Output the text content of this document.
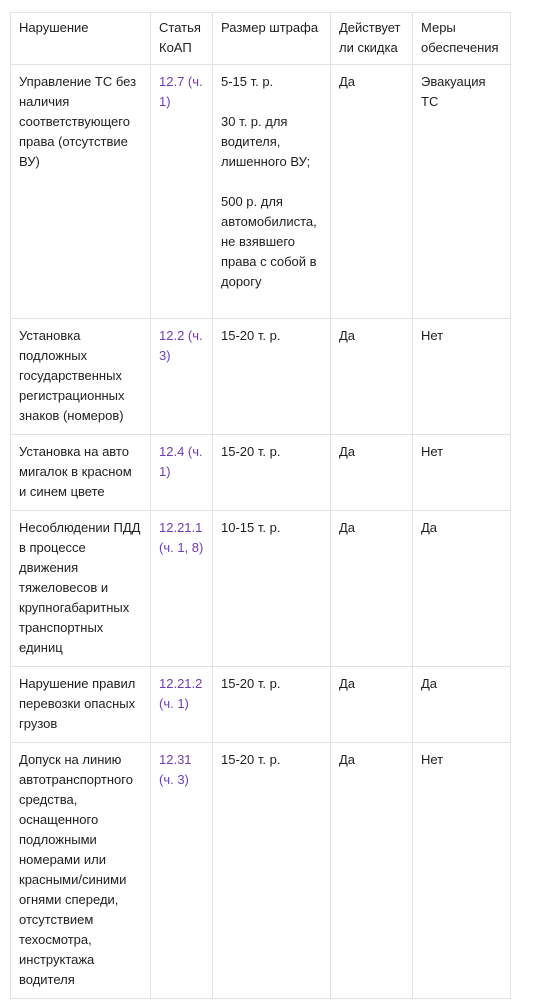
Нарушение	Статья КоАП	Размер штрафа	Действует ли скидка	Меры обеспечения
Управление ТС без наличия соответствующего права (отсутствие ВУ)	12.7 (ч. 1)	5-15 т. р.

30 т. р. для водителя, лишенного ВУ;

500 р. для автомобилиста, не взявшего права с собой в дорогу	Да	Эвакуация ТС
Установка подложных государственных регистрационных знаков (номеров)	12.2 (ч. 3)	15-20 т. р.	Да	Нет
Установка на авто мигалок в красном и синем цвете	12.4 (ч. 1)	15-20 т. р.	Да	Нет
Несоблюдении ПДД в процессе движения тяжеловесов и крупногабаритных транспортных единиц	12.21.1 (ч. 1, 8)	10-15 т. р.	Да	Да
Нарушение правил перевозки опасных грузов	12.21.2 (ч. 1)	15-20 т. р.	Да	Да
Допуск на линию автотранспортного средства, оснащенного подложными номерами или красными/синими огнями спереди, отсутствием техосмотра, инструктажа водителя	12.31 (ч. 3)	15-20 т. р.	Да	Нет
